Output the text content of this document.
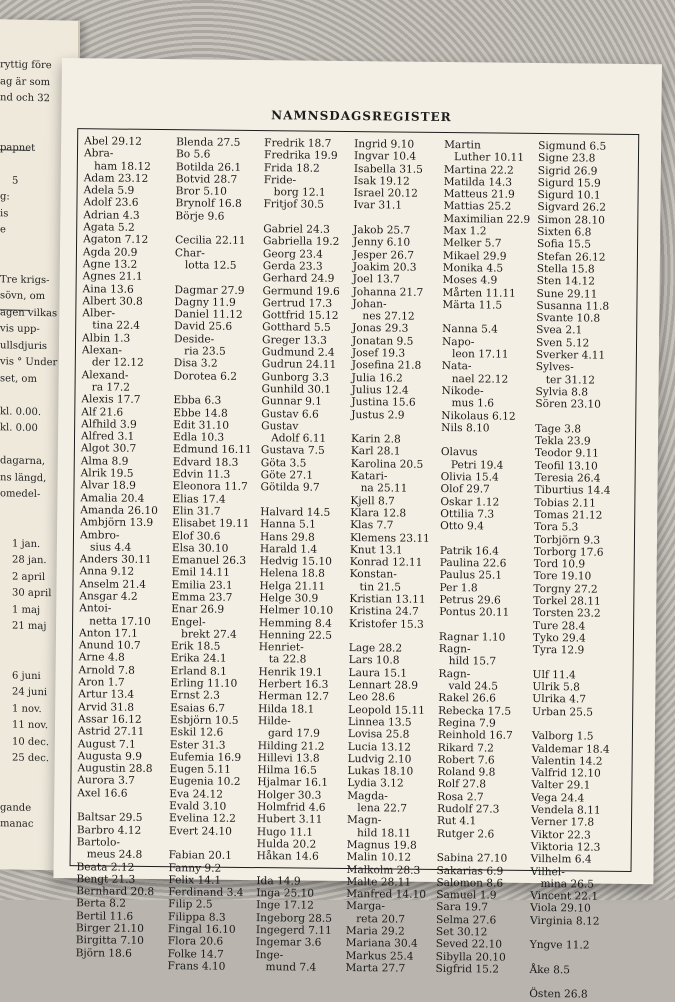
ryttig före
ag är som
nd och 32
papnet
5
g:
is
e
Tre krigs-
sövn, om
agen vilkas
vis upp-
ullsdjuris
vis ° Under
set, om
kl. 0.00.
kl. 0.00
dagarna,
ns längd,
omedel-
1 jan.
28 jan.
2 april
30 april
1 maj
21 maj
6 juni
24 juni
1 nov.
11 nov.
10 dec.
25 dec.
gande
manac
NAMNSDAGSREGISTER
Abel 29.12
Abra-
ham 18.12
Adam 23.12
Adela 5.9
Adolf 23.6
Adrian 4.3
Agata 5.2
Agaton 7.12
Agda 20.9
Agne 13.2
Agnes 21.1
Aina 13.6
Albert 30.8
Alber-
tina 22.4
Albin 1.3
Alexan-
der 12.12
Alexand-
ra 17.2
Alexis 17.7
Alf 21.6
Alfhild 3.9
Alfred 3.1
Algot 30.7
Alma 8.9
Alrik 19.5
Alvar 18.9
Amalia 20.4
Amanda 26.10
Ambjörn 13.9
Ambro-
sius 4.4
Anders 30.11
Anna 9.12
Anselm 21.4
Ansgar 4.2
Antoi-
netta 17.10
Anton 17.1
Anund 10.7
Arne 4.8
Arnold 7.8
Aron 1.7
Artur 13.4
Arvid 31.8
Assar 16.12
Astrid 27.11
August 7.1
Augusta 9.9
Augustin 28.8
Aurora 3.7
Axel 16.6
Baltsar 29.5
Barbro 4.12
Bartolo-
meus 24.8
Beata 2.12
Bengt 21.3
Bernhard 20.8
Berta 8.2
Bertil 11.6
Birger 21.10
Birgitta 7.10
Björn 18.6
Blenda 27.5
Bo 5.6
Botilda 26.1
Botvid 28.7
Bror 5.10
Brynolf 16.8
Börje 9.6
Cecilia 22.11
Char-
lotta 12.5
Dagmar 27.9
Dagny 11.9
Daniel 11.12
David 25.6
Deside-
ria 23.5
Disa 3.2
Dorotea 6.2
Ebba 6.3
Ebbe 14.8
Edit 31.10
Edla 10.3
Edmund 16.11
Edvard 18.3
Edvin 11.3
Eleonora 11.7
Elias 17.4
Elin 31.7
Elisabet 19.11
Elof 30.6
Elsa 30.10
Emanuel 26.3
Emil 14.11
Emilia 23.1
Emma 23.7
Enar 26.9
Engel-
brekt 27.4
Erik 18.5
Erika 24.1
Erland 8.1
Erling 11.10
Ernst 2.3
Esaias 6.7
Esbjörn 10.5
Eskil 12.6
Ester 31.3
Eufemia 16.9
Eugen 5.11
Eugenia 10.2
Eva 24.12
Evald 3.10
Evelina 12.2
Evert 24.10
Fabian 20.1
Fanny 9.2
Felix 14.1
Ferdinand 3.4
Filip 2.5
Filippa 8.3
Fingal 16.10
Flora 20.6
Folke 14.7
Frans 4.10
Fredrik 18.7
Fredrika 19.9
Frida 18.2
Fride-
borg 12.1
Fritjof 30.5
Gabriel 24.3
Gabriella 19.2
Georg 23.4
Gerda 23.3
Gerhard 24.9
Germund 19.6
Gertrud 17.3
Gottfrid 15.12
Gotthard 5.5
Greger 13.3
Gudmund 2.4
Gudrun 24.11
Gunborg 3.3
Gunhild 30.1
Gunnar 9.1
Gustav 6.6
Gustav
Adolf 6.11
Gustava 7.5
Göta 3.5
Göte 27.1
Götilda 9.7
Halvard 14.5
Hanna 5.1
Hans 29.8
Harald 1.4
Hedvig 15.10
Helena 18.8
Helga 21.11
Helge 30.9
Helmer 10.10
Hemming 8.4
Henning 22.5
Henriet-
ta 22.8
Henrik 19.1
Herbert 16.3
Herman 12.7
Hilda 18.1
Hilde-
gard 17.9
Hilding 21.2
Hillevi 13.8
Hilma 16.5
Hjalmar 16.1
Holger 30.3
Holmfrid 4.6
Hubert 3.11
Hugo 11.1
Hulda 20.2
Håkan 14.6
Ida 14.9
Inga 25.10
Inge 17.12
Ingeborg 28.5
Ingegerd 7.11
Ingemar 3.6
Inge-
mund 7.4
Ingrid 9.10
Ingvar 10.4
Isabella 31.5
Isak 19.12
Israel 20.12
Ivar 31.1
Jakob 25.7
Jenny 6.10
Jesper 26.7
Joakim 20.3
Joel 13.7
Johanna 21.7
Johan-
nes 27.12
Jonas 29.3
Jonatan 9.5
Josef 19.3
Josefina 21.8
Julia 16.2
Julius 12.4
Justina 15.6
Justus 2.9
Karin 2.8
Karl 28.1
Karolina 20.5
Katari-
na 25.11
Kjell 8.7
Klara 12.8
Klas 7.7
Klemens 23.11
Knut 13.1
Konrad 12.11
Konstan-
tin 21.5
Kristian 13.11
Kristina 24.7
Kristofer 15.3
Lage 28.2
Lars 10.8
Laura 15.1
Lennart 28.9
Leo 28.6
Leopold 15.11
Linnea 13.5
Lovisa 25.8
Lucia 13.12
Ludvig 2.10
Lukas 18.10
Lydia 3.12
Magda-
lena 22.7
Magn-
hild 18.11
Magnus 19.8
Malin 10.12
Malkolm 28.3
Malte 28.11
Manfred 14.10
Marga-
reta 20.7
Maria 29.2
Mariana 30.4
Markus 25.4
Marta 27.7
Martin
Luther 10.11
Martina 22.2
Matilda 14.3
Matteus 21.9
Mattias 25.2
Maximilian 22.9
Max 1.2
Melker 5.7
Mikael 29.9
Monika 4.5
Moses 4.9
Mårten 11.11
Märta 11.5
Nanna 5.4
Napo-
leon 17.11
Nata-
nael 22.12
Nikode-
mus 1.6
Nikolaus 6.12
Nils 8.10
Olavus
Petri 19.4
Olivia 15.4
Olof 29.7
Oskar 1.12
Ottilia 7.3
Otto 9.4
Patrik 16.4
Paulina 22.6
Paulus 25.1
Per 1.8
Petrus 29.6
Pontus 20.11
Ragnar 1.10
Ragn-
hild 15.7
Ragn-
vald 24.5
Rakel 26.6
Rebecka 17.5
Regina 7.9
Reinhold 16.7
Rikard 7.2
Robert 7.6
Roland 9.8
Rolf 27.8
Rosa 2.7
Rudolf 27.3
Rut 4.1
Rutger 2.6
Sabina 27.10
Sakarias 6.9
Salomon 8.6
Samuel 1.9
Sara 19.7
Selma 27.6
Set 30.12
Seved 22.10
Sibylla 20.10
Sigfrid 15.2
Sigmund 6.5
Signe 23.8
Sigrid 26.9
Sigurd 15.9
Sigurd 10.1
Sigvard 26.2
Simon 28.10
Sixten 6.8
Sofia 15.5
Stefan 26.12
Stella 15.8
Sten 14.12
Sune 29.11
Susanna 11.8
Svante 10.8
Svea 2.1
Sven 5.12
Sverker 4.11
Sylves-
ter 31.12
Sylvia 8.8
Sören 23.10
Tage 3.8
Tekla 23.9
Teodor 9.11
Teofil 13.10
Teresia 26.4
Tiburtius 14.4
Tobias 2.11
Tomas 21.12
Tora 5.3
Torbjörn 9.3
Torborg 17.6
Tord 10.9
Tore 19.10
Torgny 27.2
Torkel 28.11
Torsten 23.2
Ture 28.4
Tyko 29.4
Tyra 12.9
Ulf 11.4
Ulrik 5.8
Ulrika 4.7
Urban 25.5
Valborg 1.5
Valdemar 18.4
Valentin 14.2
Valfrid 12.10
Valter 29.1
Vega 24.4
Vendela 8.11
Verner 17.8
Viktor 22.3
Viktoria 12.3
Vilhelm 6.4
Vilhel-
mina 26.5
Vincent 22.1
Viola 29.10
Virginia 8.12
Yngve 11.2
Åke 8.5
Östen 26.8
